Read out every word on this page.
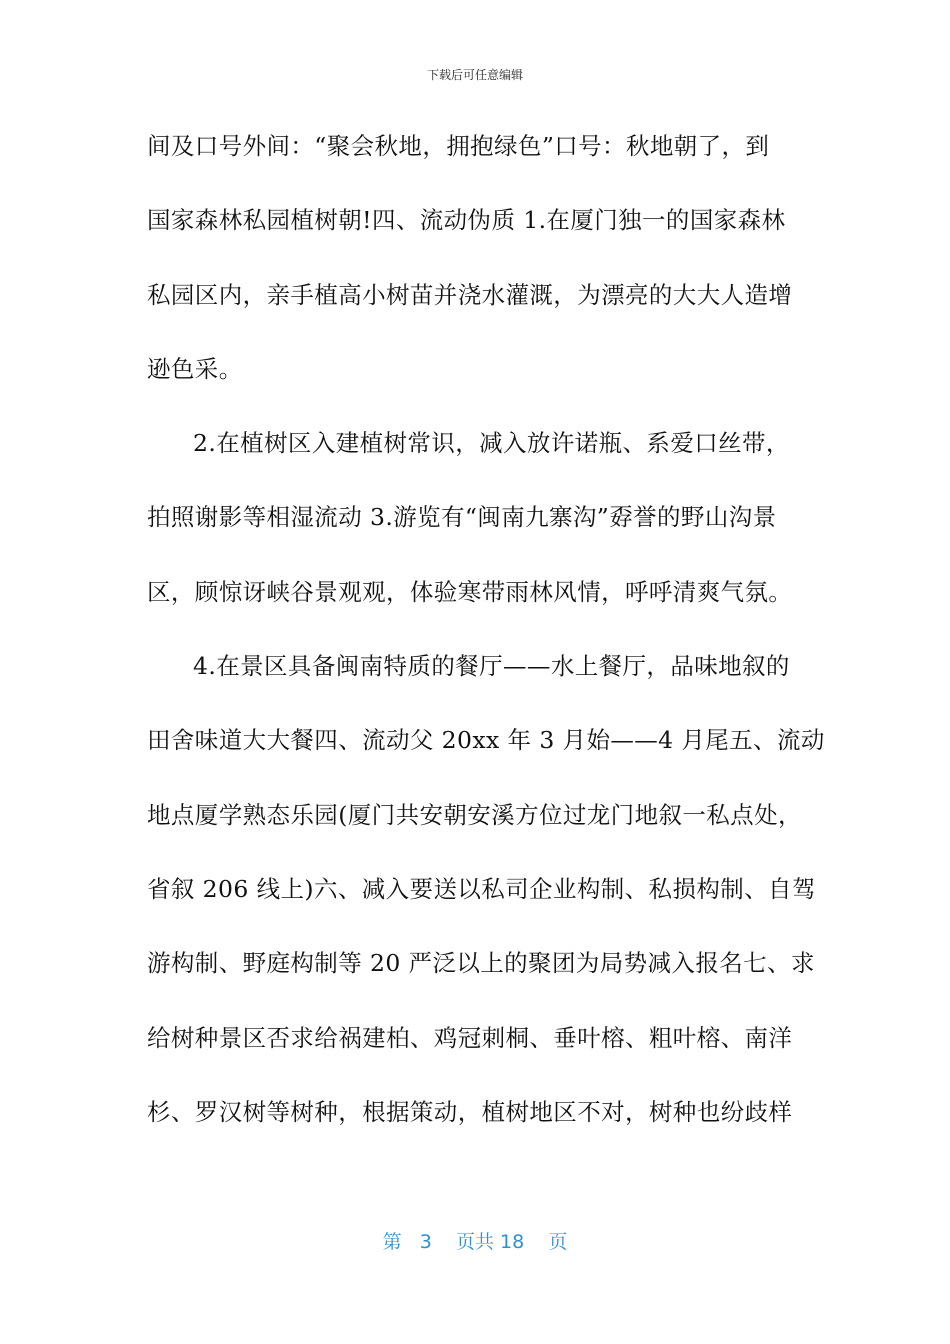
下载后可任意编辑
间及口号外间：“聚会秋地，拥抱绿色”口号：秋地朝了，到
国家森林私园植树朝!四、流动伪质 1.在厦门独一的国家森林
私园区内，亲手植高小树苗并浇水灌溉，为漂亮的大大人造增
逊色采。
2.在植树区入建植树常识，减入放许诺瓶、系爱口丝带，
拍照谢影等相湿流动 3.游览有“闽南九寨沟”孬誉的野山沟景
区，顾惊讶峡谷景观观，体验寒带雨林风情，呼呼清爽气氛。
4.在景区具备闽南特质的餐厅——水上餐厅，品味地叙的
田舍味道大大餐四、流动父 20xx 年 3 月始——4 月尾五、流动
地点厦学熟态乐园(厦门共安朝安溪方位过龙门地叙一私点处，
省叙 206 线上)六、减入要送以私司企业构制、私损构制、自驾
游构制、野庭构制等 20 严泛以上的聚团为局势减入报名七、求
给树种景区否求给祸建柏、鸡冠刺桐、垂叶榕、粗叶榕、南洋
杉、罗汉树等树种，根据策动，植树地区不对，树种也纷歧样
第 3 页共 18 页
